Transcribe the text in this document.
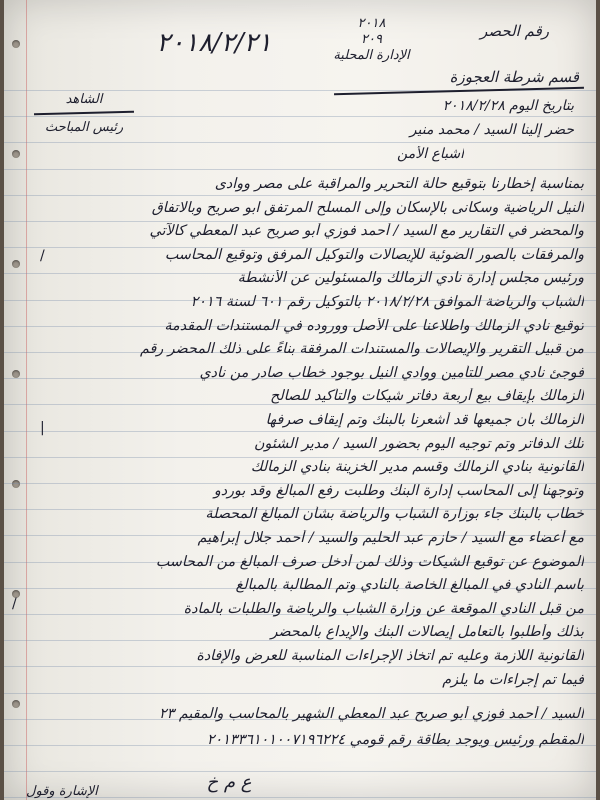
٢٠١٨/٢/٢١
٢٠١٨
٢٠٩
الإدارة المحلية
رقم الحصر
قسم شرطة العجوزة
بتاريخ اليوم ٢٠١٨/٢/٢٨
حضر إلينا السيد / محمد منير
اشباع الأمن
الشاهد
رئيس المباحث
بمناسبة إخطارنا بتوقيع حالة التحرير والمراقبة على مصر ووادى
النيل الرياضية وسكانى بالإسكان وإلى المسلح المرتفق ابو صريح وبالاتفاق
والمحضر في التقارير مع السيد / أحمد فوزي أبو صريح عبد المعطي كالآتي
والمرفقات بالصور الضوئية للإيصالات والتوكيل المرفق وتوقيع المحاسب
ورئيس مجلس إدارة نادي الزمالك والمسئولين عن الأنشطة
الشباب والرياضة الموافق ٢٠١٨/٢/٢٨ بالتوكيل رقم ٦٠١ لسنة ٢٠١٦
توقيع نادي الزمالك واطلاعنا على الأصل ووروده في المستندات المقدمة
من قبيل التقرير والإيصالات والمستندات المرفقة بناءً على ذلك المحضر رقم
فوجئ نادي مصر للتأمين ووادي النيل بوجود خطاب صادر من نادي
الزمالك بإيقاف بيع أربعة دفاتر شيكات والتأكيد للصالح
الزمالك بأن جميعها قد أشعرنا بالبنك وتم إيقاف صرفها
تلك الدفاتر وتم توجيه اليوم بحضور السيد / مدير الشئون
القانونية بنادي الزمالك وقسم مدير الخزينة بنادي الزمالك
وتوجهنا إلى المحاسب إدارة البنك وطلبت رفع المبالغ وقد بوردو
خطاب بالبنك جاء بوزارة الشباب والرياضة بشأن المبالغ المحصلة
مع أعضاء مع السيد / حازم عبد الحليم والسيد / أحمد جلال إبراهيم
الموضوع عن توقيع الشيكات وذلك لمن أدخل صرف المبالغ من المحاسب
باسم النادي في المبالغ الخاصة بالنادي وتم المطالبة بالمبالغ
من قبل النادي الموقعة عن وزارة الشباب والرياضة والطلبات بالمادة
بذلك وأطلبوا بالتعامل إيصالات البنك والإيداع بالمحضر
القانونية اللازمة وعليه تم اتخاذ الإجراءات المناسبة للعرض والإفادة
فيما تم إجراءات ما يلزم
السيد / أحمد فوزي أبو صريح عبد المعطي الشهير بالمحاسب والمقيم ٢٣
المقطم ورئيس ويوجد بطاقة رقم قومي ٢٠١٣٣٦١٠١٠٠٧١٩٦٢٢٤
ع م خ
الإشارة وقول
/
|
/
